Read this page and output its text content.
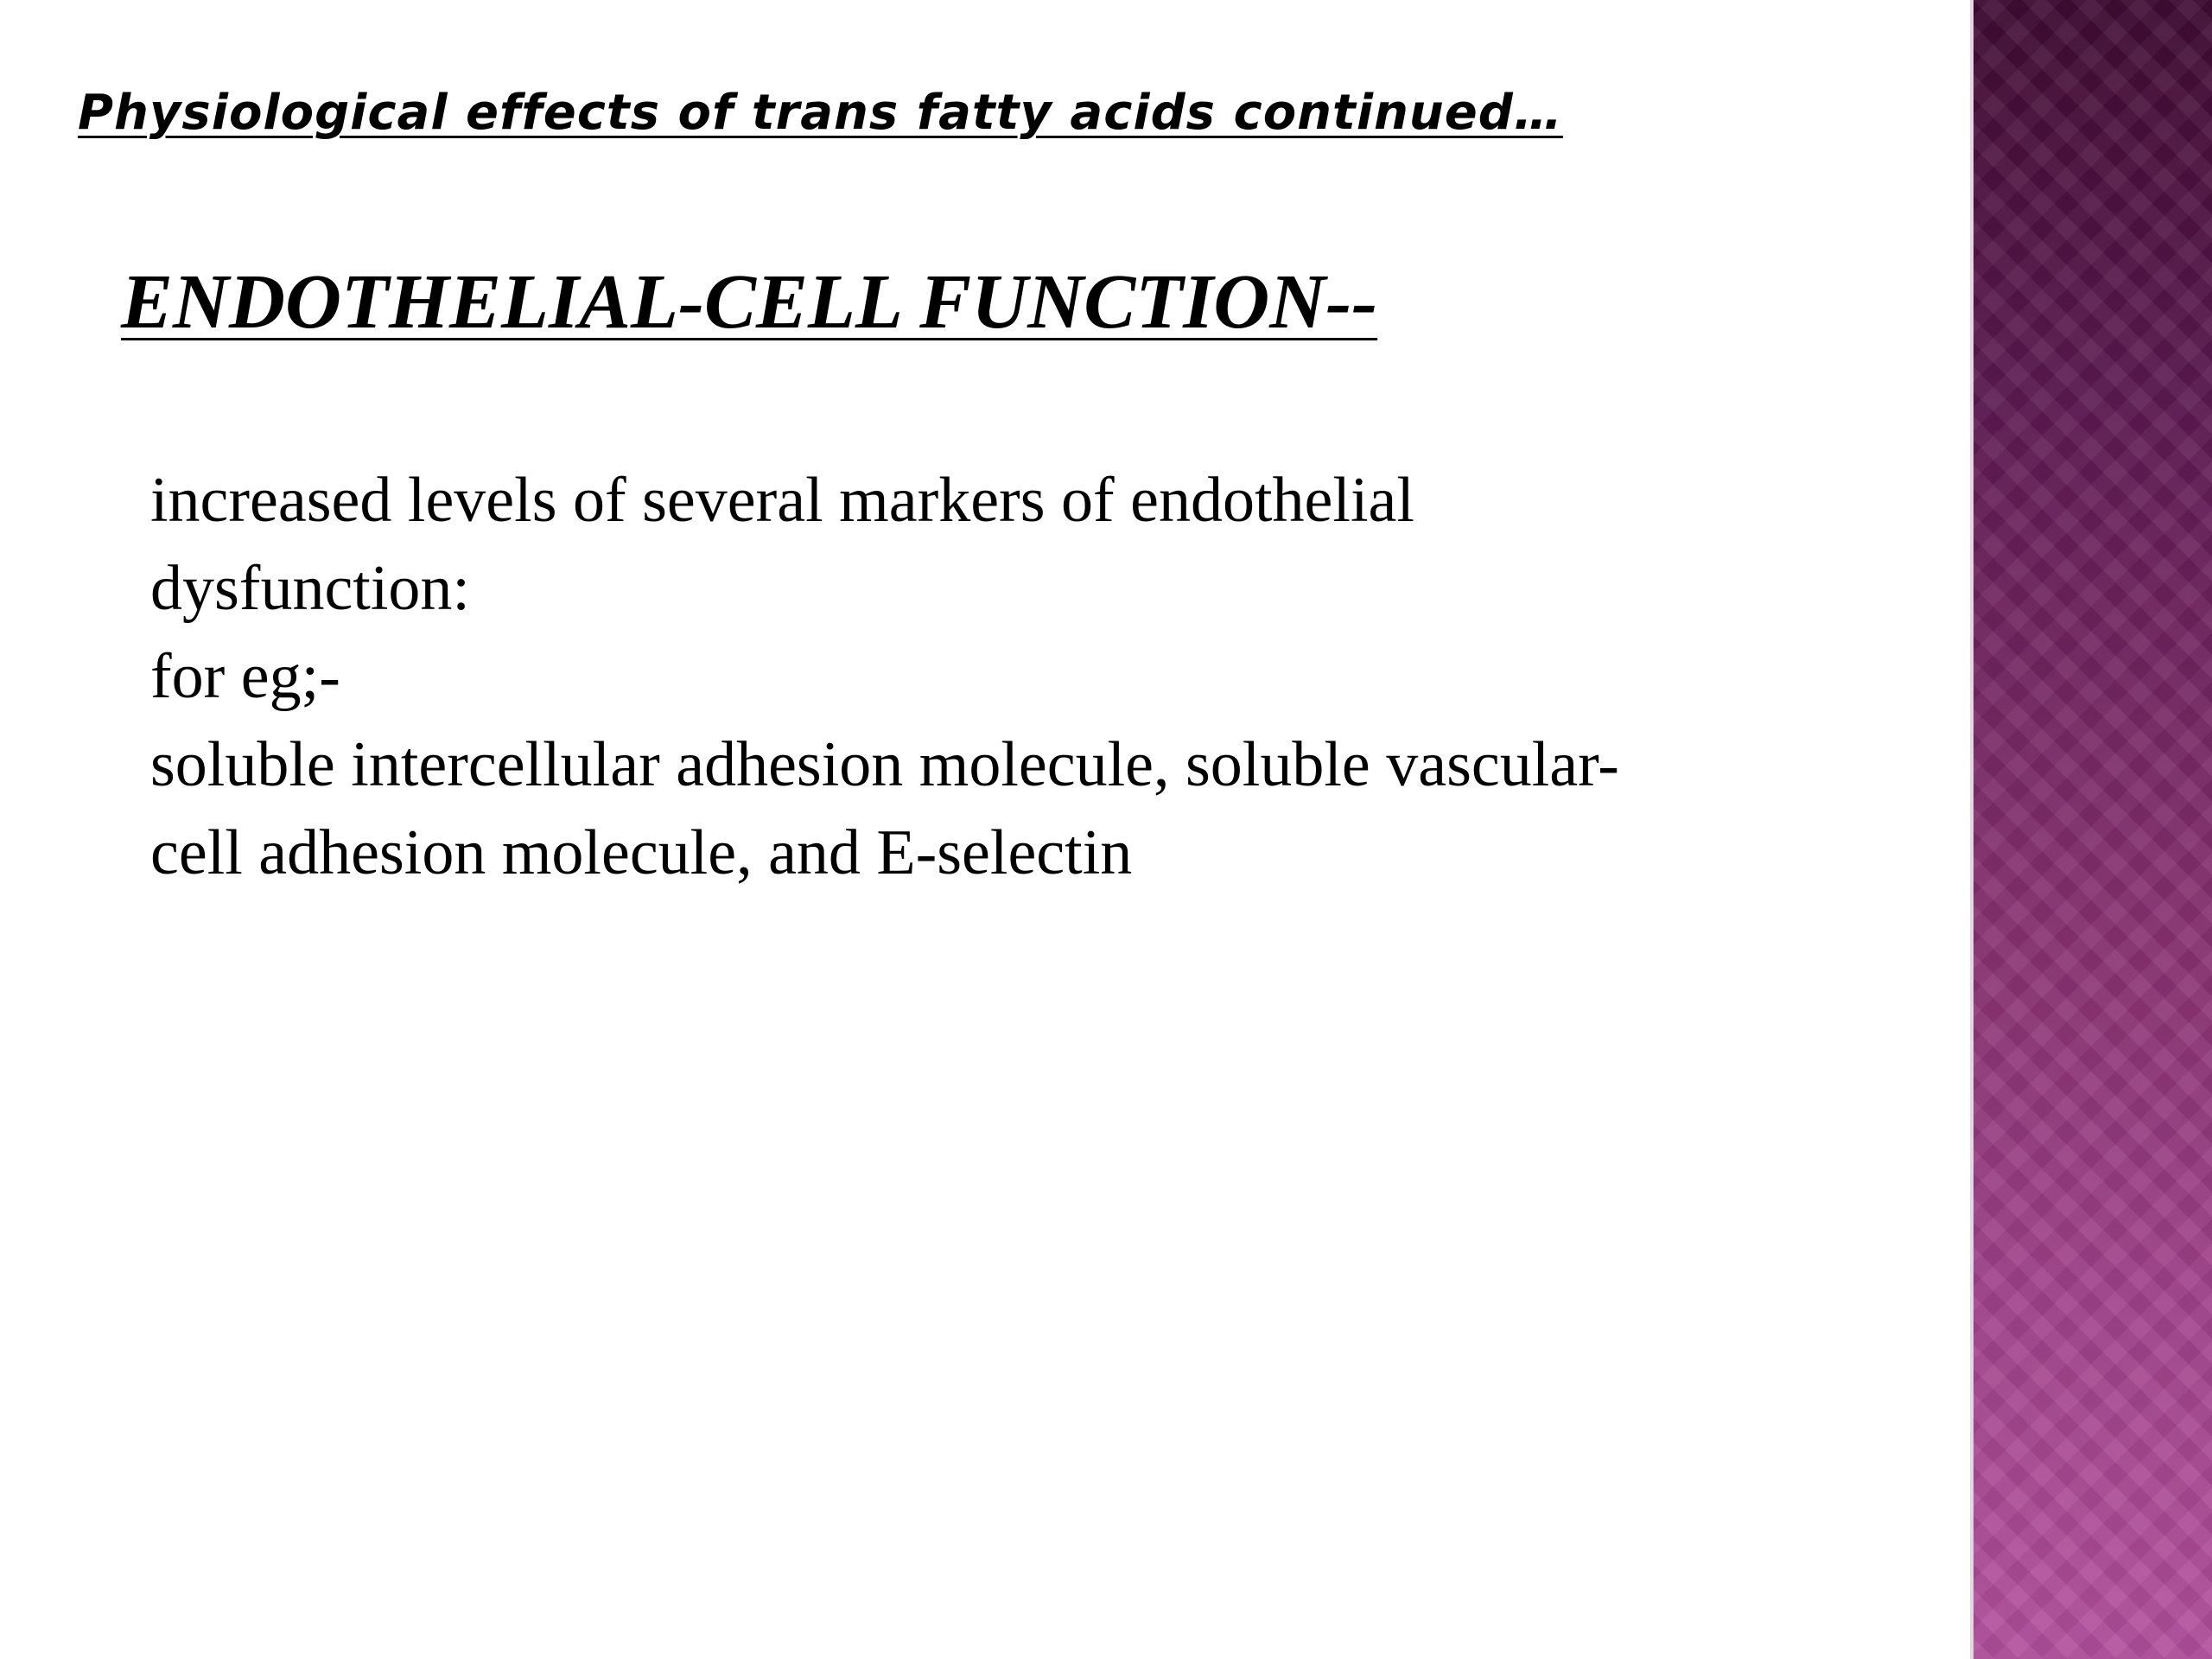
Physiological effects of trans fatty acids continued…
ENDOTHELIAL-CELL FUNCTION--
increased levels of several markers of endothelial
dysfunction:
for eg;-
soluble intercellular adhesion molecule, soluble vascular-
cell adhesion molecule, and E-selectin
